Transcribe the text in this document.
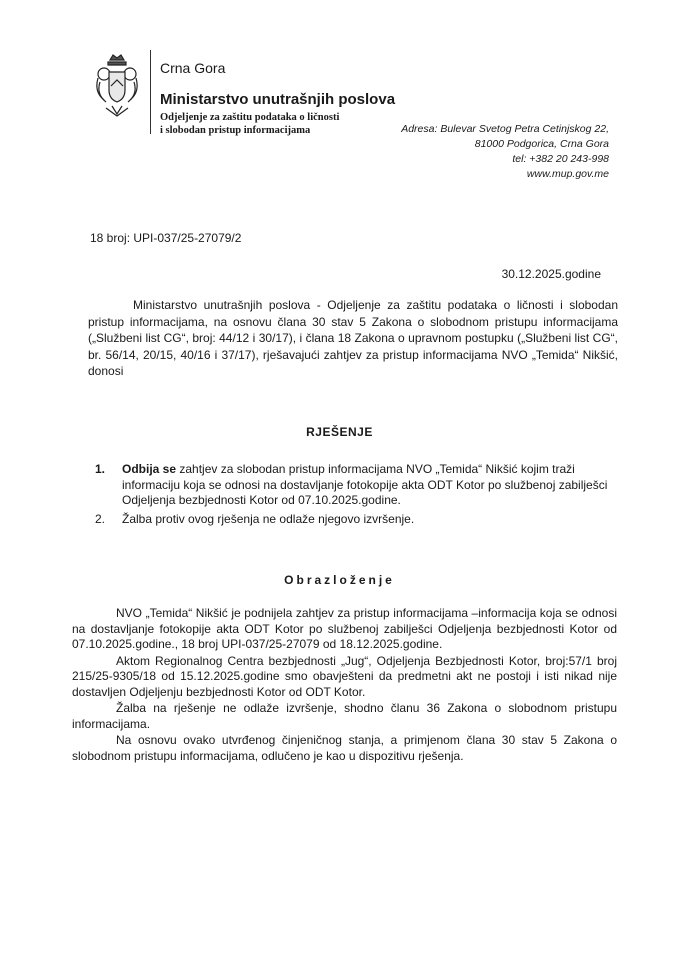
Crna Gora
Ministarstvo unutrašnjih poslova
Odjeljenje za zaštitu podataka o ličnosti
i slobodan pristup informacijama	Adresa: Bulevar Svetog Petra Cetinjskog 22,
81000 Podgorica, Crna Gora
tel: +382 20 243-998
www.mup.gov.me
18 broj: UPI-037/25-27079/2
30.12.2025.godine

Ministarstvo unutrašnjih poslova - Odjeljenje za zaštitu podataka o ličnosti i slobodan pristup informacijama, na osnovu člana 30 stav 5 Zakona o slobodnom pristupu informacijama („Službeni list CG“, broj: 44/12 i 30/17), i člana 18 Zakona o upravnom postupku („Službeni list CG“, br. 56/14, 20/15, 40/16 i 37/17), rješavajući zahtjev za pristup informacijama NVO „Temida“ Nikšić, donosi

RJEŠENJE
1. Odbija se zahtjev za slobodan pristup informacijama NVO „Temida“ Nikšić kojim traži informaciju koja se odnosi na dostavljanje fotokopije akta ODT Kotor po službenoj zabilješci Odjeljenja bezbjednosti Kotor od 07.10.2025.godine.
2. Žalba protiv ovog rješenja ne odlaže njegovo izvršenje.
Obrazloženje

NVO „Temida“ Nikšić je podnijela zahtjev za pristup informacijama –informacija koja se odnosi na dostavljanje fotokopije akta ODT Kotor po službenoj zabilješci Odjeljenja bezbjednosti Kotor od 07.10.2025.godine., 18 broj UPI-037/25-27079 od 18.12.2025.godine.

Aktom Regionalnog Centra bezbjednosti „Jug“, Odjeljenja Bezbjednosti Kotor, broj:57/1 broj 215/25-9305/18 od 15.12.2025.godine smo obavješteni da predmetni akt ne postoji i isti nikad nije dostavljen Odjeljenju bezbjednosti Kotor od ODT Kotor.

Žalba na rješenje ne odlaže izvršenje, shodno članu 36 Zakona o slobodnom pristupu informacijama.

Na osnovu ovako utvrđenog činjeničnog stanja, a primjenom člana 30 stav 5 Zakona o slobodnom pristupu informacijama, odlučeno je kao u dispozitivu rješenja.
